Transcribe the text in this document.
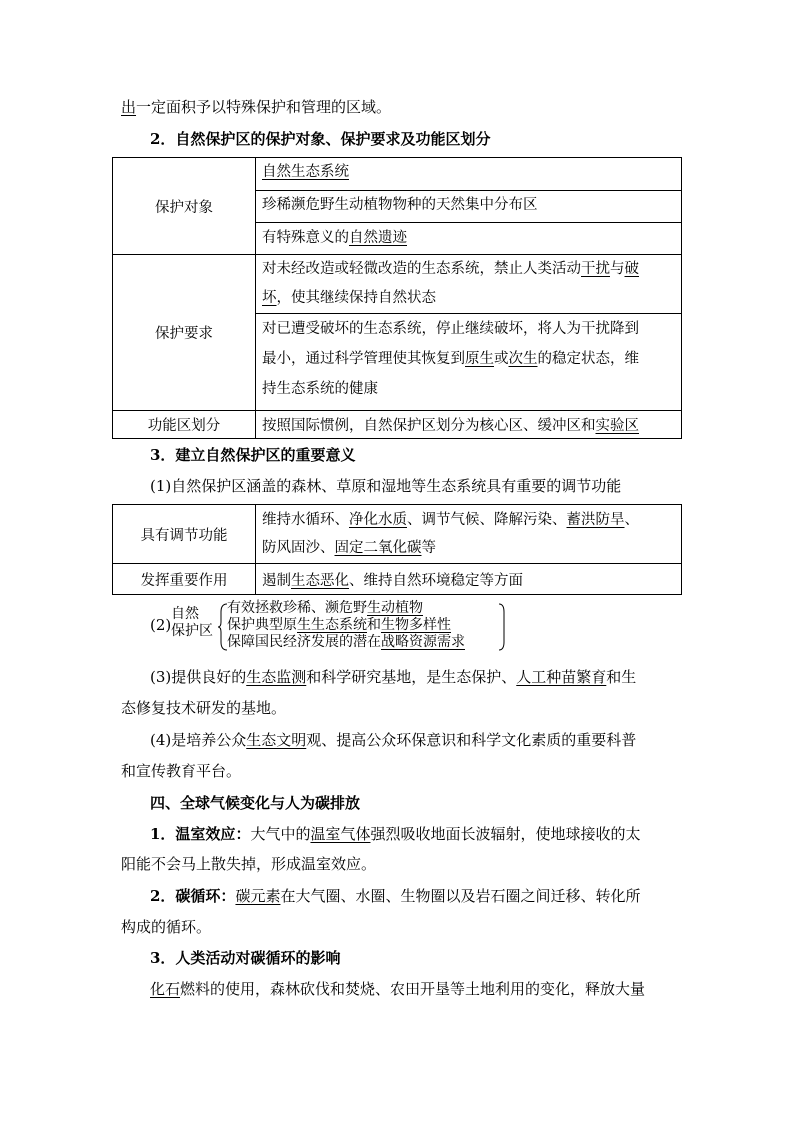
出一定面积予以特殊保护和管理的区域。
2．自然保护区的保护对象、保护要求及功能区划分
保护对象	自然生态系统
珍稀濒危野生动植物物种的天然集中分布区
有特殊意义的自然遗迹

保护要求	对未经改造或轻微改造的生态系统，禁止人类活动干扰与破
坏，使其继续保持自然状态
对已遭受破坏的生态系统，停止继续破坏，将人为干扰降到
最小，通过科学管理使其恢复到原生或次生的稳定状态，维
持生态系统的健康

功能区划分	按照国际惯例，自然保护区划分为核心区、缓冲区和实验区
3．建立自然保护区的重要意义
(1)自然保护区涵盖的森林、草原和湿地等生态系统具有重要的调节功能
具有调节功能	维持水循环、净化水质、调节气候、降解污染、蓄洪防旱、
防风固沙、固定二氧化碳等
发挥重要作用	遏制生态恶化、维持自然环境稳定等方面
(2)
自然
保护区
有效拯救珍稀、濒危野生动植物
保护典型原生生态系统和生物多样性
保障国民经济发展的潜在战略资源需求
(3)提供良好的生态监测和科学研究基地，是生态保护、人工种苗繁育和生
态修复技术研发的基地。
(4)是培养公众生态文明观、提高公众环保意识和科学文化素质的重要科普
和宣传教育平台。
四、全球气候变化与人为碳排放
1．温室效应：大气中的温室气体强烈吸收地面长波辐射，使地球接收的太
阳能不会马上散失掉，形成温室效应。
2．碳循环：碳元素在大气圈、水圈、生物圈以及岩石圈之间迁移、转化所
构成的循环。
3．人类活动对碳循环的影响
化石燃料的使用，森林砍伐和焚烧、农田开垦等土地利用的变化，释放大量
